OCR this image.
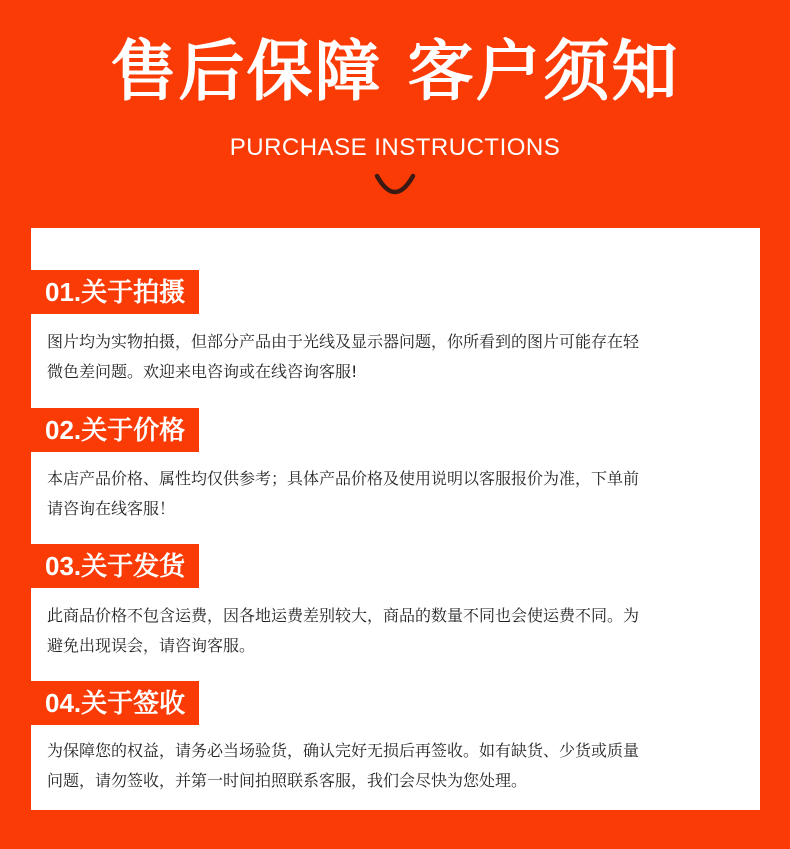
售后保障 客户须知
PURCHASE INSTRUCTIONS
01.关于拍摄
图片均为实物拍摄，但部分产品由于光线及显示器问题，你所看到的图片可能存在轻
微色差问题。欢迎来电咨询或在线咨询客服!
02.关于价格
本店产品价格、属性均仅供参考；具体产品价格及使用说明以客服报价为准，下单前
请咨询在线客服！
03.关于发货
此商品价格不包含运费，因各地运费差别较大，商品的数量不同也会使运费不同。为
避免出现误会，请咨询客服。
04.关于签收
为保障您的权益，请务必当场验货，确认完好无损后再签收。如有缺货、少货或质量
问题，请勿签收，并第一时间拍照联系客服，我们会尽快为您处理。
